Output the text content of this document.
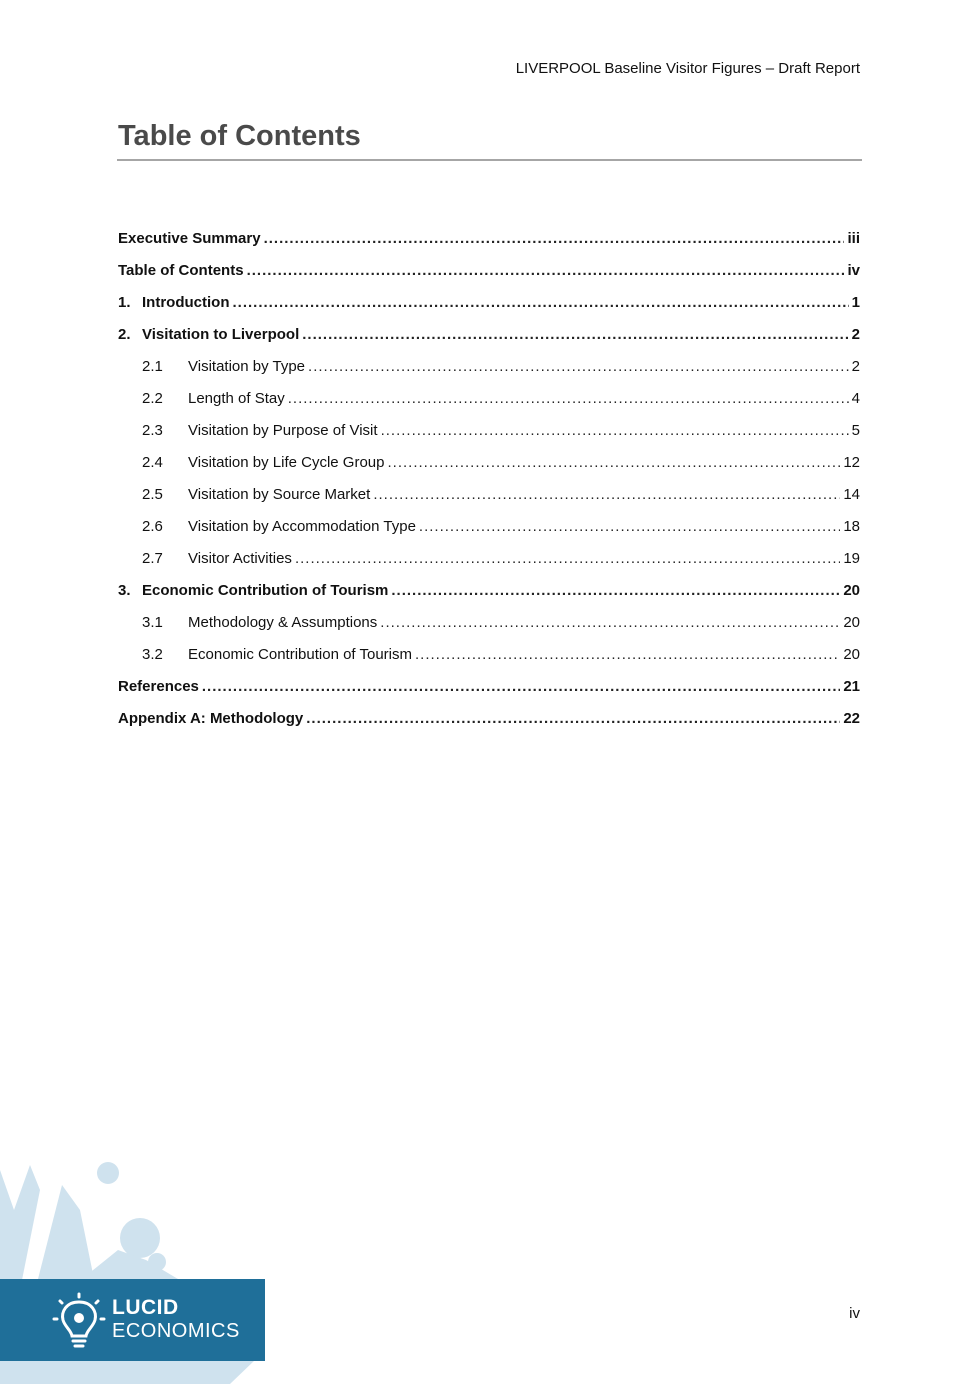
LIVERPOOL Baseline Visitor Figures – Draft Report
Table of Contents
Executive Summary .....	iii
Table of Contents .....	iv
1. Introduction .....	1
2. Visitation to Liverpool .....	2
2.1	Visitation by Type .....	2
2.2	Length of Stay .....	4
2.3	Visitation by Purpose of Visit .....	5
2.4	Visitation by Life Cycle Group .....	12
2.5	Visitation by Source Market .....	14
2.6	Visitation by Accommodation Type .....	18
2.7	Visitor Activities .....	19
3. Economic Contribution of Tourism .....	20
3.1	Methodology & Assumptions .....	20
3.2	Economic Contribution of Tourism .....	20
References .....	21
Appendix A: Methodology .....	22
LUCID
ECONOMICS
iv
